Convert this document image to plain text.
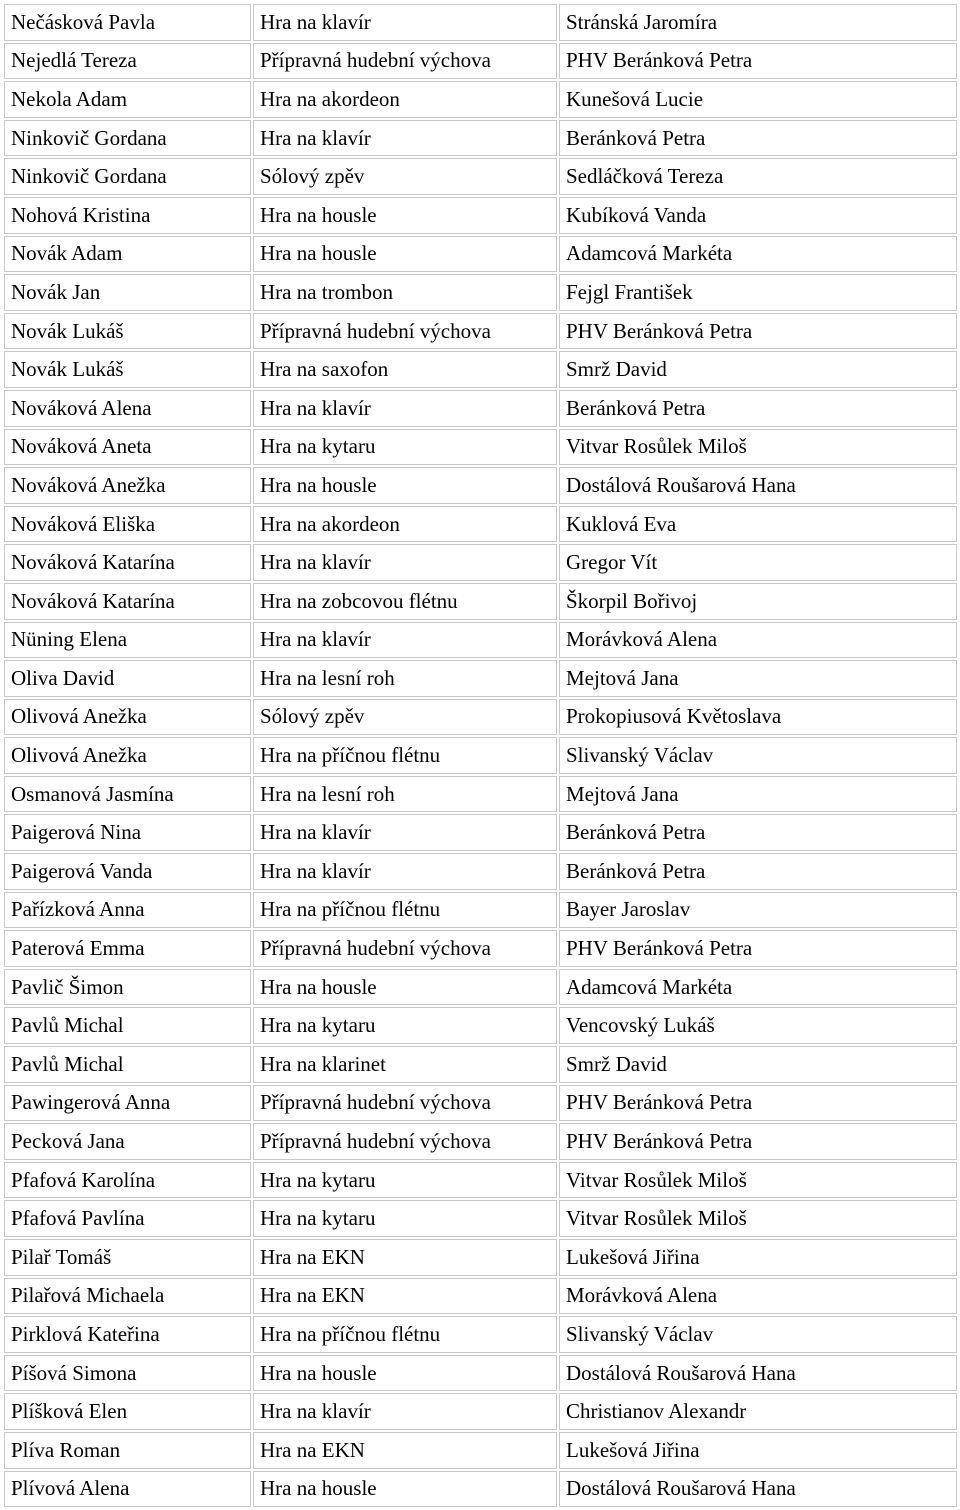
Nečásková Pavla	Hra na klavír	Stránská Jaromíra
Nejedlá Tereza	Přípravná hudební výchova	PHV Beránková Petra
Nekola Adam	Hra na akordeon	Kunešová Lucie
Ninkovič Gordana	Hra na klavír	Beránková Petra
Ninkovič Gordana	Sólový zpěv	Sedláčková Tereza
Nohová Kristina	Hra na housle	Kubíková Vanda
Novák Adam	Hra na housle	Adamcová Markéta
Novák Jan	Hra na trombon	Fejgl František
Novák Lukáš	Přípravná hudební výchova	PHV Beránková Petra
Novák Lukáš	Hra na saxofon	Smrž David
Nováková Alena	Hra na klavír	Beránková Petra
Nováková Aneta	Hra na kytaru	Vitvar Rosůlek Miloš
Nováková Anežka	Hra na housle	Dostálová Roušarová Hana
Nováková Eliška	Hra na akordeon	Kuklová Eva
Nováková Katarína	Hra na klavír	Gregor Vít
Nováková Katarína	Hra na zobcovou flétnu	Škorpil Bořivoj
Nüning Elena	Hra na klavír	Morávková Alena
Oliva David	Hra na lesní roh	Mejtová Jana
Olivová Anežka	Sólový zpěv	Prokopiusová Květoslava
Olivová Anežka	Hra na příčnou flétnu	Slivanský Václav
Osmanová Jasmína	Hra na lesní roh	Mejtová Jana
Paigerová Nina	Hra na klavír	Beránková Petra
Paigerová Vanda	Hra na klavír	Beránková Petra
Pařízková Anna	Hra na příčnou flétnu	Bayer Jaroslav
Paterová Emma	Přípravná hudební výchova	PHV Beránková Petra
Pavlič Šimon	Hra na housle	Adamcová Markéta
Pavlů Michal	Hra na kytaru	Vencovský Lukáš
Pavlů Michal	Hra na klarinet	Smrž David
Pawingerová Anna	Přípravná hudební výchova	PHV Beránková Petra
Pecková Jana	Přípravná hudební výchova	PHV Beránková Petra
Pfafová Karolína	Hra na kytaru	Vitvar Rosůlek Miloš
Pfafová Pavlína	Hra na kytaru	Vitvar Rosůlek Miloš
Pilař Tomáš	Hra na EKN	Lukešová Jiřina
Pilařová Michaela	Hra na EKN	Morávková Alena
Pirklová Kateřina	Hra na příčnou flétnu	Slivanský Václav
Píšová Simona	Hra na housle	Dostálová Roušarová Hana
Plíšková Elen	Hra na klavír	Christianov Alexandr
Plíva Roman	Hra na EKN	Lukešová Jiřina
Plívová Alena	Hra na housle	Dostálová Roušarová Hana
